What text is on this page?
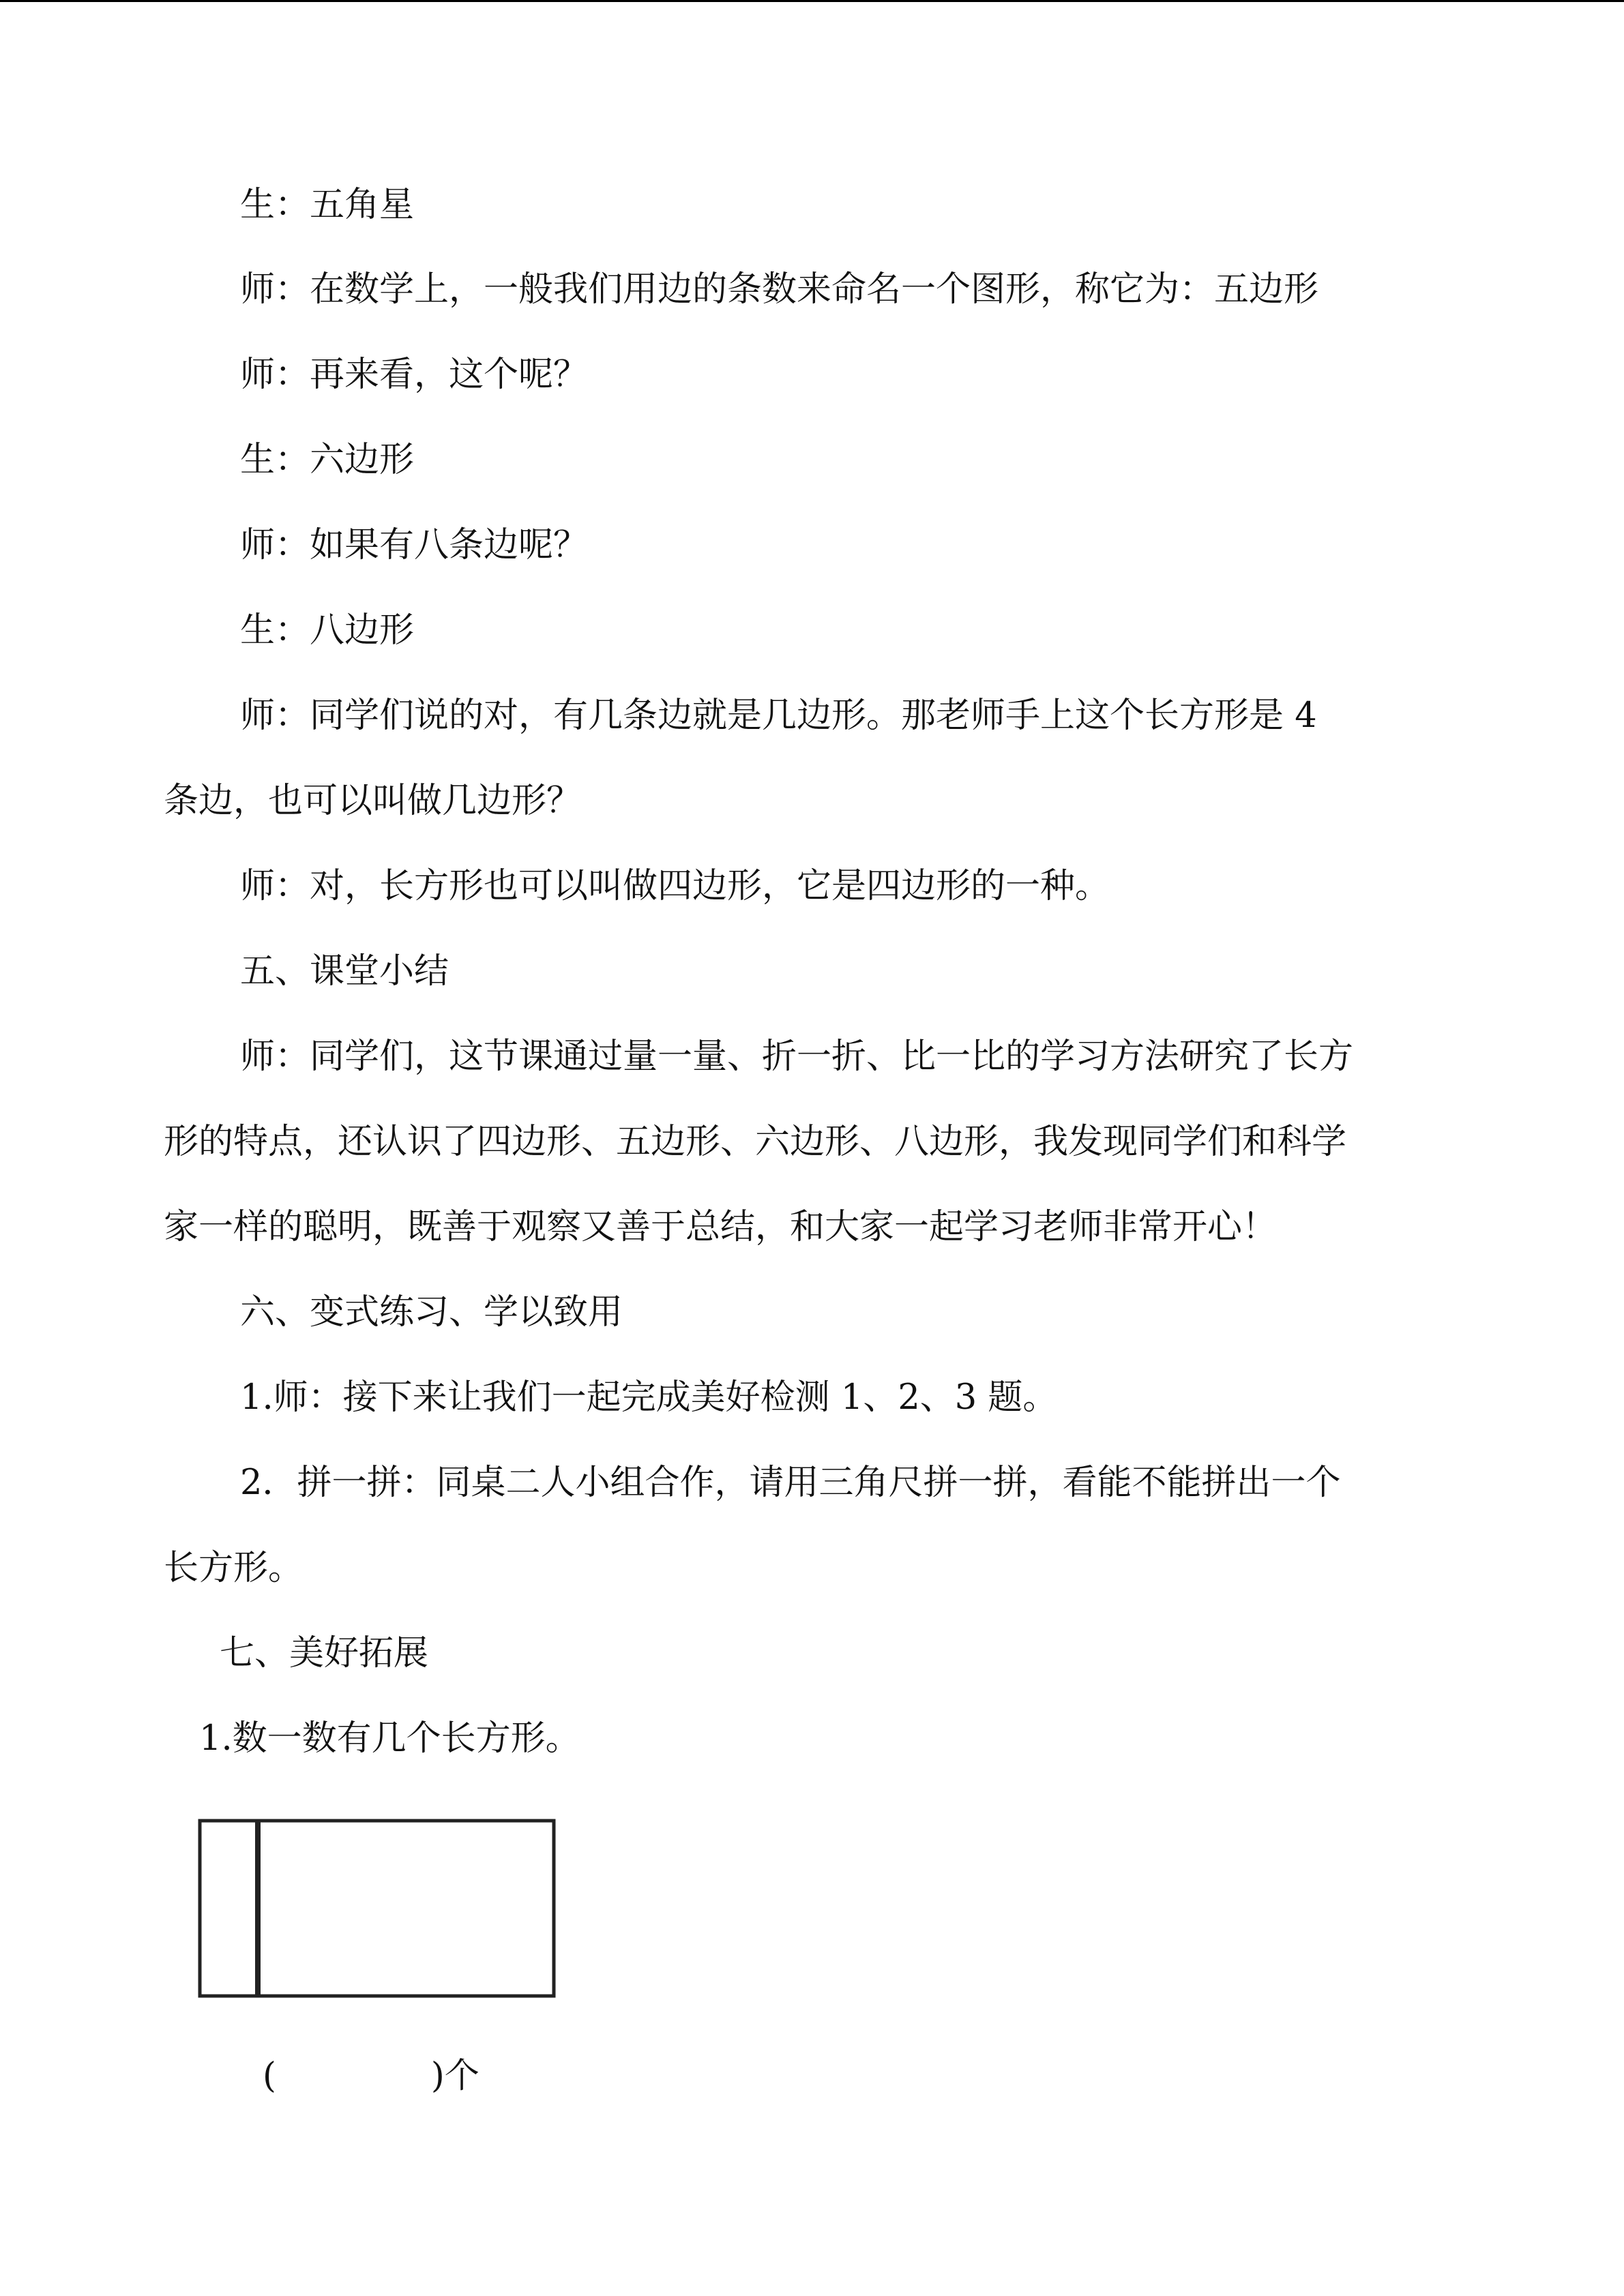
生：五角星
师：在数学上，一般我们用边的条数来命名一个图形，称它为：五边形
师：再来看，这个呢？
生：六边形
师：如果有八条边呢？
生：八边形
师：同学们说的对，有几条边就是几边形。那老师手上这个长方形是 4
条边，也可以叫做几边形？
师：对，长方形也可以叫做四边形，它是四边形的一种。
五、课堂小结
师：同学们，这节课通过量一量、折一折、比一比的学习方法研究了长方
形的特点，还认识了四边形、五边形、六边形、八边形，我发现同学们和科学
家一样的聪明，既善于观察又善于总结，和大家一起学习老师非常开心！
六、变式练习、学以致用
1.师：接下来让我们一起完成美好检测 1、2、3 题。
2．拼一拼：同桌二人小组合作，请用三角尺拼一拼，看能不能拼出一个
长方形。
七、美好拓展
1.数一数有几个长方形。
(              )个
